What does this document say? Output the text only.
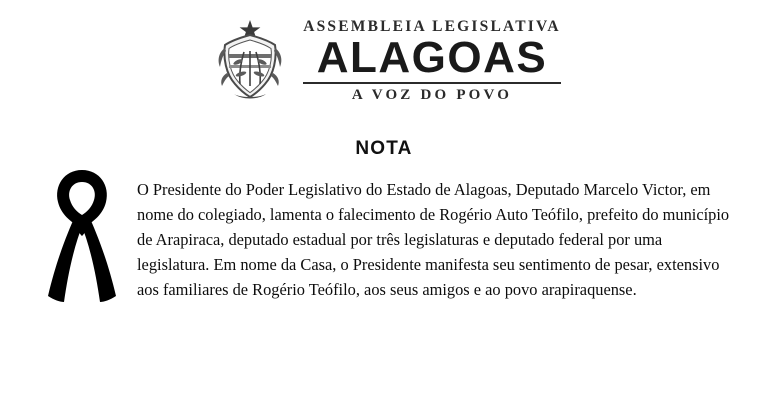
ASSEMBLEIA LEGISLATIVA
ALAGOAS
A VOZ DO POVO
NOTA
O Presidente do Poder Legislativo do Estado de Alagoas, Deputado Marcelo Victor, em nome do colegiado, lamenta o falecimento de Rogério Auto Teófilo, prefeito do município de Arapiraca, deputado estadual por três legislaturas e deputado federal por uma legislatura. Em nome da Casa, o Presidente manifesta seu sentimento de pesar, extensivo aos familiares de Rogério Teófilo, aos seus amigos e ao povo arapiraquense.
